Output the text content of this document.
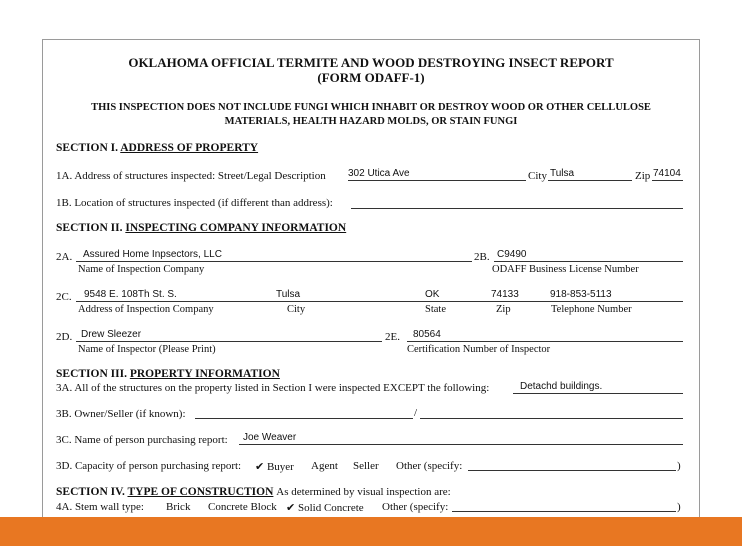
OKLAHOMA OFFICIAL TERMITE AND WOOD DESTROYING INSECT REPORT
(FORM ODAFF-1)
THIS INSPECTION DOES NOT INCLUDE FUNGI WHICH INHABIT OR DESTROY WOOD OR OTHER CELLULOSE
MATERIALS, HEALTH HAZARD MOLDS, OR STAIN FUNGI
SECTION I. ADDRESS OF PROPERTY
1A. Address of structures inspected: Street/Legal Description 302 Utica Ave	City Tulsa	Zip 74104
1B. Location of structures inspected (if different than address):
SECTION II. INSPECTING COMPANY INFORMATION
2A. Assured Home Inpsectors, LLC
Name of Inspection Company
2B. C9490
ODAFF Business License Number
2C. 9548 E. 108Th St. S.	Tulsa	OK	74133	918-853-5113
Address of Inspection Company	City	State	Zip	Telephone Number
2D. Drew Sleezer
Name of Inspector (Please Print)
2E. 80564
Certification Number of Inspector
SECTION III. PROPERTY INFORMATION
3A. All of the structures on the property listed in Section I were inspected EXCEPT the following:	Detachd buildings.
3B. Owner/Seller (if known):	/
3C. Name of person purchasing report: Joe Weaver
3D. Capacity of person purchasing report: ✔ Buyer Agent Seller Other (specify:	)
SECTION IV. TYPE OF CONSTRUCTION As determined by visual inspection are:
4A. Stem wall type: Brick Concrete Block ✔ Solid Concrete Other (specify:	)
